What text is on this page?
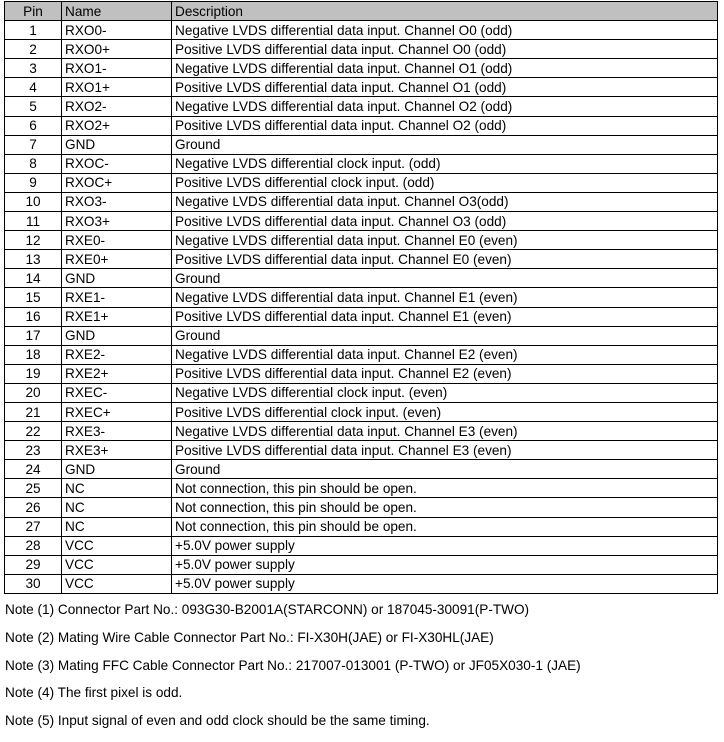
Pin	Name	Description
1	RXO0-	Negative LVDS differential data input. Channel O0 (odd)
2	RXO0+	Positive LVDS differential data input. Channel O0 (odd)
3	RXO1-	Negative LVDS differential data input. Channel O1 (odd)
4	RXO1+	Positive LVDS differential data input. Channel O1 (odd)
5	RXO2-	Negative LVDS differential data input. Channel O2 (odd)
6	RXO2+	Positive LVDS differential data input. Channel O2 (odd)
7	GND	Ground
8	RXOC-	Negative LVDS differential clock input. (odd)
9	RXOC+	Positive LVDS differential clock input. (odd)
10	RXO3-	Negative LVDS differential data input. Channel O3(odd)
11	RXO3+	Positive LVDS differential data input. Channel O3 (odd)
12	RXE0-	Negative LVDS differential data input. Channel E0 (even)
13	RXE0+	Positive LVDS differential data input. Channel E0 (even)
14	GND	Ground
15	RXE1-	Negative LVDS differential data input. Channel E1 (even)
16	RXE1+	Positive LVDS differential data input. Channel E1 (even)
17	GND	Ground
18	RXE2-	Negative LVDS differential data input. Channel E2 (even)
19	RXE2+	Positive LVDS differential data input. Channel E2 (even)
20	RXEC-	Negative LVDS differential clock input. (even)
21	RXEC+	Positive LVDS differential clock input. (even)
22	RXE3-	Negative LVDS differential data input. Channel E3 (even)
23	RXE3+	Positive LVDS differential data input. Channel E3 (even)
24	GND	Ground
25	NC	Not connection, this pin should be open.
26	NC	Not connection, this pin should be open.
27	NC	Not connection, this pin should be open.
28	VCC	+5.0V power supply
29	VCC	+5.0V power supply
30	VCC	+5.0V power supply
Note (1) Connector Part No.: 093G30-B2001A(STARCONN) or 187045-30091(P-TWO)
Note (2) Mating Wire Cable Connector Part No.: FI-X30H(JAE) or FI-X30HL(JAE)
Note (3) Mating FFC Cable Connector Part No.: 217007-013001 (P-TWO) or JF05X030-1 (JAE)
Note (4) The first pixel is odd.
Note (5) Input signal of even and odd clock should be the same timing.
